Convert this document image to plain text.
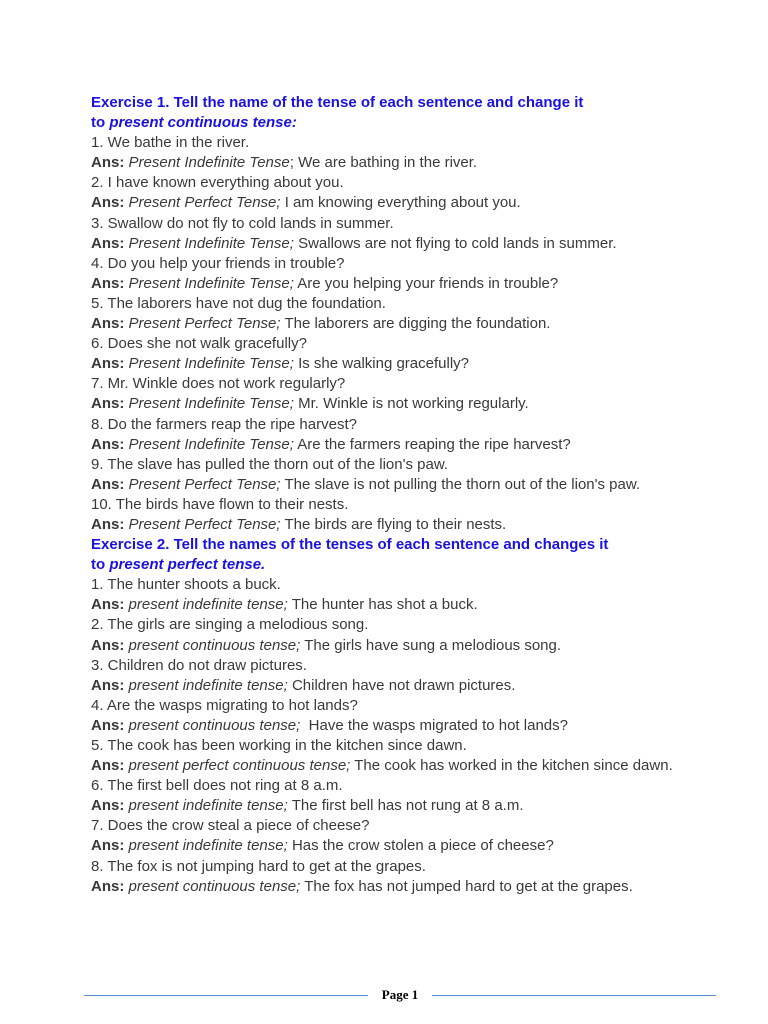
Exercise 1. Tell the name of the tense of each sentence and change it
to present continuous tense:
1. We bathe in the river.
Ans: Present Indefinite Tense; We are bathing in the river.
2. I have known everything about you.
Ans: Present Perfect Tense; I am knowing everything about you.
3. Swallow do not fly to cold lands in summer.
Ans: Present Indefinite Tense; Swallows are not flying to cold lands in summer.
4. Do you help your friends in trouble?
Ans: Present Indefinite Tense; Are you helping your friends in trouble?
5. The laborers have not dug the foundation.
Ans: Present Perfect Tense; The laborers are digging the foundation.
6. Does she not walk gracefully?
Ans: Present Indefinite Tense; Is she walking gracefully?
7. Mr. Winkle does not work regularly?
Ans: Present Indefinite Tense; Mr. Winkle is not working regularly.
8. Do the farmers reap the ripe harvest?
Ans: Present Indefinite Tense; Are the farmers reaping the ripe harvest?
9. The slave has pulled the thorn out of the lion's paw.
Ans: Present Perfect Tense; The slave is not pulling the thorn out of the lion's paw.
10. The birds have flown to their nests.
Ans: Present Perfect Tense; The birds are flying to their nests.
Exercise 2. Tell the names of the tenses of each sentence and changes it
to present perfect tense.
1. The hunter shoots a buck.
Ans: present indefinite tense; The hunter has shot a buck.
2. The girls are singing a melodious song.
Ans: present continuous tense; The girls have sung a melodious song.
3. Children do not draw pictures.
Ans: present indefinite tense; Children have not drawn pictures.
4. Are the wasps migrating to hot lands?
Ans: present continuous tense; Have the wasps migrated to hot lands?
5. The cook has been working in the kitchen since dawn.
Ans: present perfect continuous tense; The cook has worked in the kitchen since dawn.
6. The first bell does not ring at 8 a.m.
Ans: present indefinite tense; The first bell has not rung at 8 a.m.
7. Does the crow steal a piece of cheese?
Ans: present indefinite tense; Has the crow stolen a piece of cheese?
8. The fox is not jumping hard to get at the grapes.
Ans: present continuous tense; The fox has not jumped hard to get at the grapes.
Page 1
